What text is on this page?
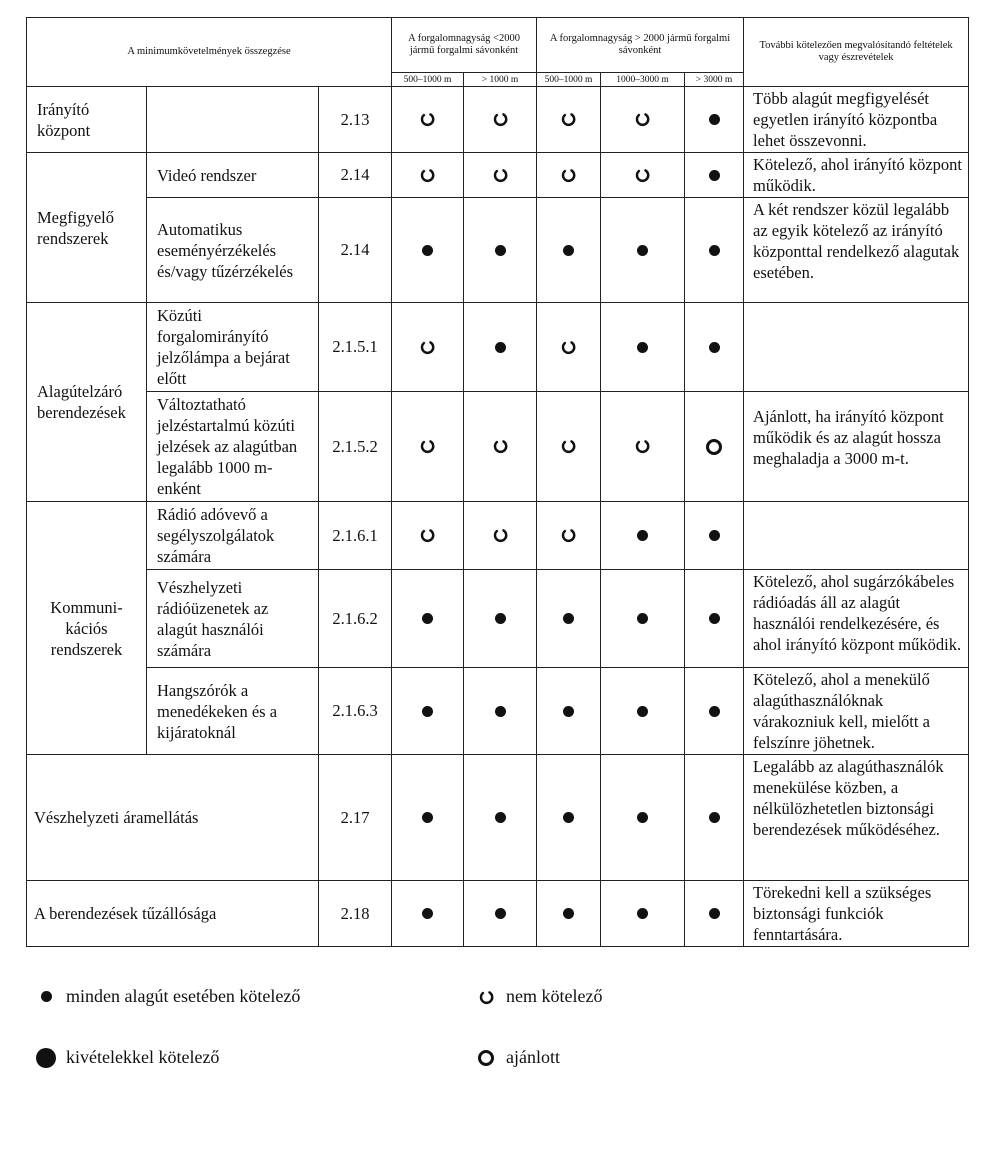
A minimumkövetelmények összegzése			A forgalomnagyság <2000 jármű forgalmi sávonként		A forgalomnagyság > 2000 jármű forgalmi sávonként			További kötelezően megvalósítandó feltételek vagy észrevételek
			500–1000 m	> 1000 m	500–1000 m	1000–3000 m	> 3000 m	
Irányító központ		2.13						Több alagút megfigyelését egyetlen irányító központba lehet összevonni.
Megfigyelő rendszerek	Videó rendszer	2.14						Kötelező, ahol irányító központ működik.
	Automatikus eseményérzékelés és/vagy tűzérzékelés	2.14						A két rendszer közül legalább az egyik kötelező az irányító központtal rendelkező alagutak esetében.
Alagútelzáró berendezések	Közúti forgalomirányító jelzőlámpa a bejárat előtt	2.1.5.1						
	Változtatható jelzéstartalmú közúti jelzések az alagútban legalább 1000 m-enként	2.1.5.2						Ajánlott, ha irányító központ működik és az alagút hossza meghaladja a 3000 m-t.
Kommuni-kációs rendszerek	Rádió adóvevő a segélyszolgálatok számára	2.1.6.1						
	Vészhelyzeti rádióüzenetek az alagút használói számára	2.1.6.2						Kötelező, ahol sugárzókábeles rádióadás áll az alagút használói rendelkezésére, és ahol irányító központ működik.
	Hangszórók a menedékeken és a kijáratoknál	2.1.6.3						Kötelező, ahol a menekülő alagúthasználóknak várakozniuk kell, mielőtt a felszínre jöhetnek.
Vészhelyzeti áramellátás		2.17						Legalább az alagúthasználók menekülése közben, a nélkülözhetetlen biztonsági berendezések működéséhez.
A berendezések tűzállósága		2.18						Törekedni kell a szükséges biztonsági funkciók fenntartására.
minden alagút esetében kötelező	nem kötelező
kivételekkel kötelező	ajánlott
